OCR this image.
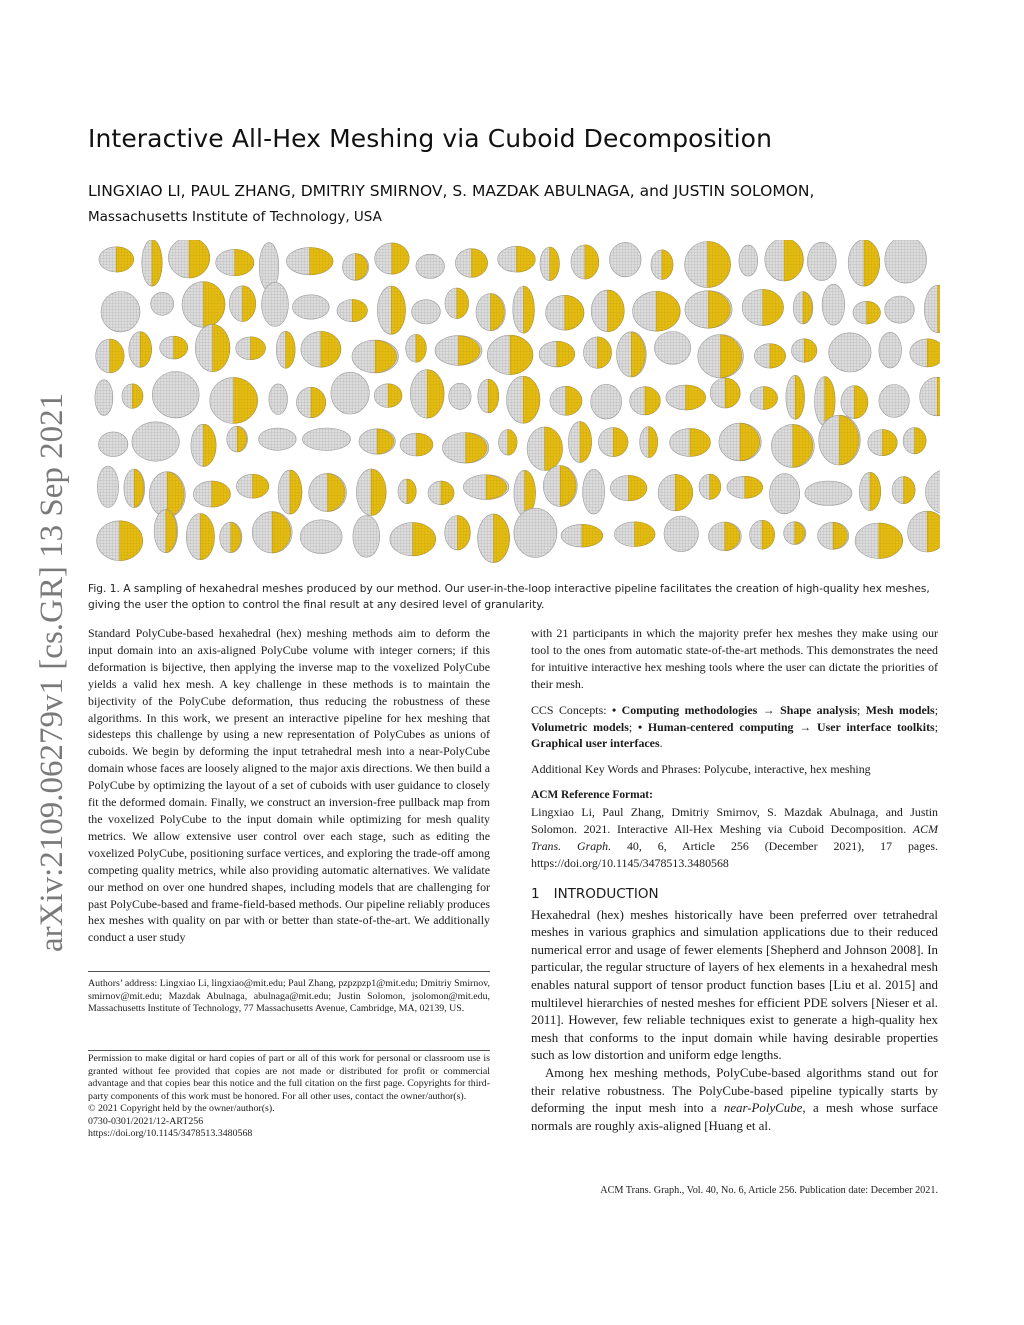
arXiv:2109.06279v1 [cs.GR] 13 Sep 2021
Interactive All-Hex Meshing via Cuboid Decomposition
LINGXIAO LI, PAUL ZHANG, DMITRIY SMIRNOV, S. MAZDAK ABULNAGA, and JUSTIN SOLOMON,
Massachusetts Institute of Technology, USA
Fig. 1. A sampling of hexahedral meshes produced by our method. Our user-in-the-loop interactive pipeline facilitates the creation of high-quality hex meshes, giving the user the option to control the final result at any desired level of granularity.

Standard PolyCube-based hexahedral (hex) meshing methods aim to deform the input domain into an axis-aligned PolyCube volume with integer corners; if this deformation is bijective, then applying the inverse map to the voxelized PolyCube yields a valid hex mesh. A key challenge in these methods is to maintain the bijectivity of the PolyCube deformation, thus reducing the robustness of these algorithms. In this work, we present an interactive pipeline for hex meshing that sidesteps this challenge by using a new representation of PolyCubes as unions of cuboids. We begin by deforming the input tetrahedral mesh into a near-PolyCube domain whose faces are loosely aligned to the major axis directions. We then build a PolyCube by optimizing the layout of a set of cuboids with user guidance to closely fit the deformed domain. Finally, we construct an inversion-free pullback map from the voxelized PolyCube to the input domain while optimizing for mesh quality metrics. We allow extensive user control over each stage, such as editing the voxelized PolyCube, positioning surface vertices, and exploring the trade-off among competing quality metrics, while also providing automatic alternatives. We validate our method on over one hundred shapes, including models that are challenging for past PolyCube-based and frame-field-based methods. Our pipeline reliably produces hex meshes with quality on par with or better than state-of-the-art. We additionally conduct a user study

Authors’ address: Lingxiao Li, lingxiao@mit.edu; Paul Zhang, pzpzpzp1@mit.edu; Dmitriy Smirnov, smirnov@mit.edu; Mazdak Abulnaga, abulnaga@mit.edu; Justin Solomon, jsolomon@mit.edu, Massachusetts Institute of Technology, 77 Massachusetts Avenue, Cambridge, MA, 02139, US.

Permission to make digital or hard copies of part or all of this work for personal or classroom use is granted without fee provided that copies are not made or distributed for profit or commercial advantage and that copies bear this notice and the full citation on the first page. Copyrights for third-party components of this work must be honored. For all other uses, contact the owner/author(s).

© 2021 Copyright held by the owner/author(s).

0730-0301/2021/12-ART256

https://doi.org/10.1145/3478513.3480568

with 21 participants in which the majority prefer hex meshes they make using our tool to the ones from automatic state-of-the-art methods. This demonstrates the need for intuitive interactive hex meshing tools where the user can dictate the priorities of their mesh.

CCS Concepts: • Computing methodologies → Shape analysis; Mesh models; Volumetric models; • Human-centered computing → User interface toolkits; Graphical user interfaces.

Additional Key Words and Phrases: Polycube, interactive, hex meshing

ACM Reference Format:

Lingxiao Li, Paul Zhang, Dmitriy Smirnov, S. Mazdak Abulnaga, and Justin Solomon. 2021. Interactive All-Hex Meshing via Cuboid Decomposition. ACM Trans. Graph. 40, 6, Article 256 (December 2021), 17 pages. https://doi.org/10.1145/3478513.3480568

1 INTRODUCTION

Hexahedral (hex) meshes historically have been preferred over tetrahedral meshes in various graphics and simulation applications due to their reduced numerical error and usage of fewer elements [Shepherd and Johnson 2008]. In particular, the regular structure of layers of hex elements in a hexahedral mesh enables natural support of tensor product function bases [Liu et al. 2015] and multilevel hierarchies of nested meshes for efficient PDE solvers [Nieser et al. 2011]. However, few reliable techniques exist to generate a high-quality hex mesh that conforms to the input domain while having desirable properties such as low distortion and uniform edge lengths.

Among hex meshing methods, PolyCube-based algorithms stand out for their relative robustness. The PolyCube-based pipeline typically starts by deforming the input mesh into a near-PolyCube, a mesh whose surface normals are roughly axis-aligned [Huang et al.

ACM Trans. Graph., Vol. 40, No. 6, Article 256. Publication date: December 2021.
